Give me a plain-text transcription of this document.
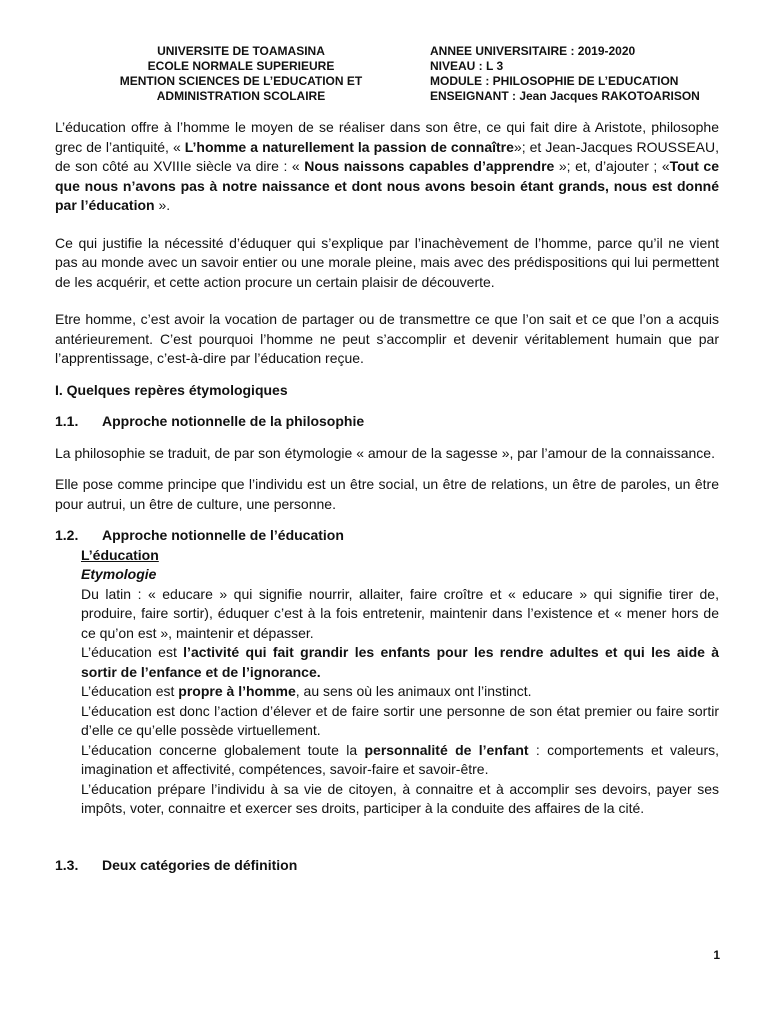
UNIVERSITE DE TOAMASINA
ECOLE NORMALE SUPERIEURE
MENTION SCIENCES DE L’EDUCATION ET
ADMINISTRATION SCOLAIRE
ANNEE UNIVERSITAIRE : 2019-2020
NIVEAU : L 3
MODULE : PHILOSOPHIE DE L’EDUCATION
ENSEIGNANT : Jean Jacques RAKOTOARISON

L’éducation offre à l’homme le moyen de se réaliser dans son être, ce qui fait dire à Aristote, philosophe grec de l’antiquité, « L’homme a naturellement la passion de connaître»; et Jean-Jacques ROUSSEAU, de son côté au XVIIIe siècle va dire : « Nous naissons capables d’apprendre »; et, d’ajouter ; «Tout ce que nous n’avons pas à notre naissance et dont nous avons besoin étant grands, nous est donné par l’éducation ».

Ce qui justifie la nécessité d’éduquer qui s’explique par l’inachèvement de l’homme, parce qu’il ne vient pas au monde avec un savoir entier ou une morale pleine, mais avec des prédispositions qui lui permettent de les acquérir, et cette action procure un certain plaisir de découverte.

Etre homme, c’est avoir la vocation de partager ou de transmettre ce que l’on sait et ce que l’on a acquis antérieurement. C’est pourquoi l’homme ne peut s’accomplir et devenir véritablement humain que par l’apprentissage, c’est-à-dire par l’éducation reçue.

I. Quelques repères étymologiques

1.1. Approche notionnelle de la philosophie

La philosophie se traduit, de par son étymologie « amour de la sagesse », par l’amour de la connaissance.

Elle pose comme principe que l’individu est un être social, un être de relations, un être de paroles, un être pour autrui, un être de culture, une personne.

1.2. Approche notionnelle de l’éducation

L’éducation

Etymologie

Du latin : « educare » qui signifie nourrir, allaiter, faire croître et « educare » qui signifie tirer de, produire, faire sortir), éduquer c’est à la fois entretenir, maintenir dans l’existence et « mener hors de ce qu’on est », maintenir et dépasser.

L’éducation est l’activité qui fait grandir les enfants pour les rendre adultes et qui les aide à sortir de l’enfance et de l’ignorance.

L’éducation est propre à l’homme, au sens où les animaux ont l’instinct.

L’éducation est donc l’action d’élever et de faire sortir une personne de son état premier ou faire sortir d’elle ce qu’elle possède virtuellement.

L’éducation concerne globalement toute la personnalité de l’enfant : comportements et valeurs, imagination et affectivité, compétences, savoir-faire et savoir-être.

L’éducation prépare l’individu à sa vie de citoyen, à connaitre et à accomplir ses devoirs, payer ses impôts, voter, connaitre et exercer ses droits, participer à la conduite des affaires de la cité.

1.3. Deux catégories de définition

1
